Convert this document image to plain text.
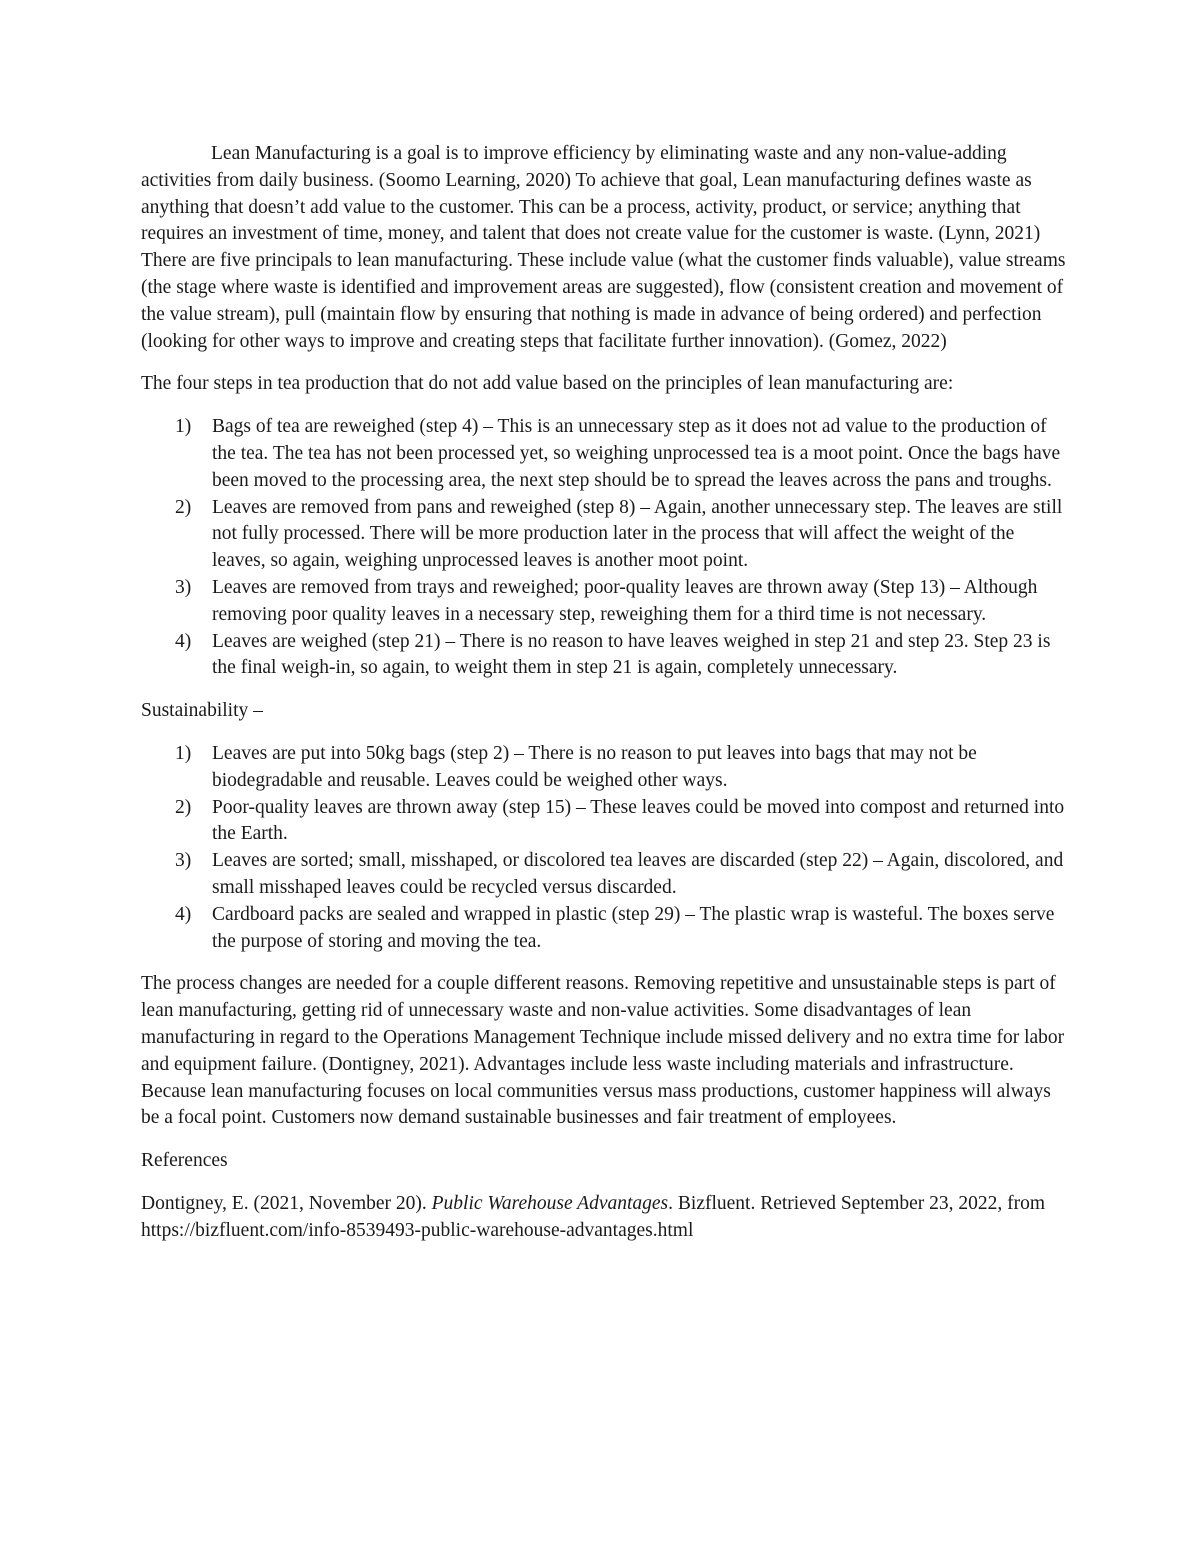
Lean Manufacturing is a goal is to improve efficiency by eliminating waste and any non-value-adding activities from daily business. (Soomo Learning, 2020) To achieve that goal, Lean manufacturing defines waste as anything that doesn’t add value to the customer. This can be a process, activity, product, or service; anything that requires an investment of time, money, and talent that does not create value for the customer is waste. (Lynn, 2021) There are five principals to lean manufacturing. These include value (what the customer finds valuable), value streams (the stage where waste is identified and improvement areas are suggested), flow (consistent creation and movement of the value stream), pull (maintain flow by ensuring that nothing is made in advance of being ordered) and perfection (looking for other ways to improve and creating steps that facilitate further innovation). (Gomez, 2022)

The four steps in tea production that do not add value based on the principles of lean manufacturing are:

1) Bags of tea are reweighed (step 4) – This is an unnecessary step as it does not ad value to the production of the tea. The tea has not been processed yet, so weighing unprocessed tea is a moot point. Once the bags have been moved to the processing area, the next step should be to spread the leaves across the pans and troughs.
2) Leaves are removed from pans and reweighed (step 8) – Again, another unnecessary step. The leaves are still not fully processed. There will be more production later in the process that will affect the weight of the leaves, so again, weighing unprocessed leaves is another moot point.
3) Leaves are removed from trays and reweighed; poor-quality leaves are thrown away (Step 13) – Although removing poor quality leaves in a necessary step, reweighing them for a third time is not necessary.
4) Leaves are weighed (step 21) – There is no reason to have leaves weighed in step 21 and step 23. Step 23 is the final weigh-in, so again, to weight them in step 21 is again, completely unnecessary.

Sustainability –

1) Leaves are put into 50kg bags (step 2) – There is no reason to put leaves into bags that may not be biodegradable and reusable. Leaves could be weighed other ways.
2) Poor-quality leaves are thrown away (step 15) – These leaves could be moved into compost and returned into the Earth.
3) Leaves are sorted; small, misshaped, or discolored tea leaves are discarded (step 22) – Again, discolored, and small misshaped leaves could be recycled versus discarded.
4) Cardboard packs are sealed and wrapped in plastic (step 29) – The plastic wrap is wasteful. The boxes serve the purpose of storing and moving the tea.

The process changes are needed for a couple different reasons. Removing repetitive and unsustainable steps is part of lean manufacturing, getting rid of unnecessary waste and non-value activities. Some disadvantages of lean manufacturing in regard to the Operations Management Technique include missed delivery and no extra time for labor and equipment failure. (Dontigney, 2021). Advantages include less waste including materials and infrastructure. Because lean manufacturing focuses on local communities versus mass productions, customer happiness will always be a focal point. Customers now demand sustainable businesses and fair treatment of employees.

References

Dontigney, E. (2021, November 20). Public Warehouse Advantages. Bizfluent. Retrieved September 23, 2022, from https://bizfluent.com/info-8539493-public-warehouse-advantages.html
